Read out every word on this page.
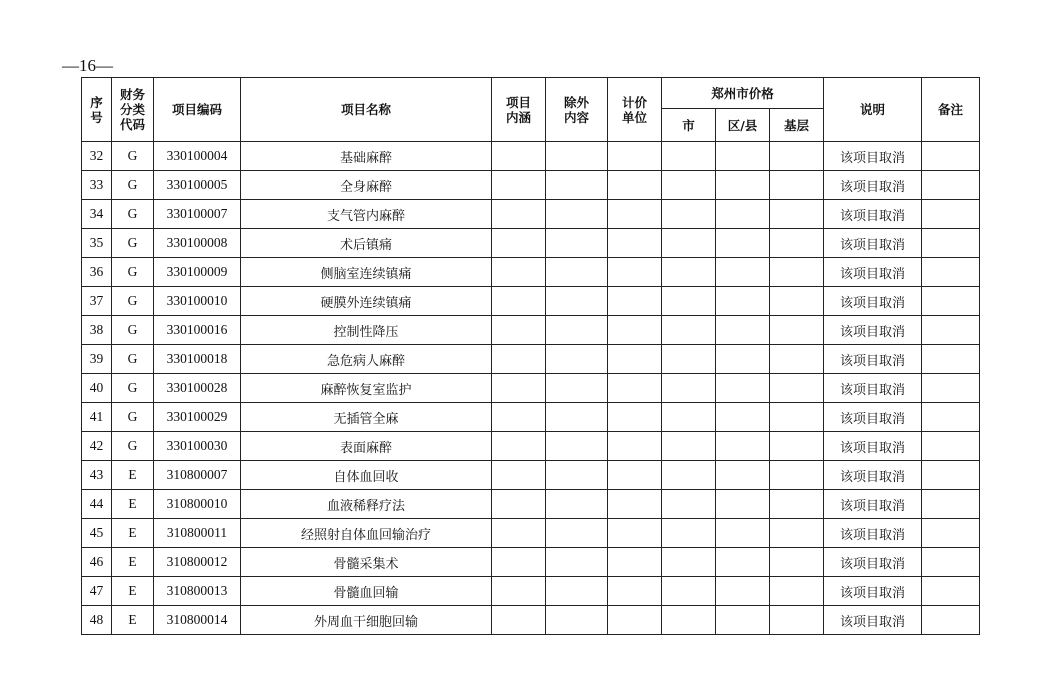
—16—
序号	财务分类代码	项目编码	项目名称	项目内涵	除外内容	计价单位	郑州市价格			说明	备注
							市	区/县	基层		
32	G	330100004	基础麻醉							该项目取消	
33	G	330100005	全身麻醉							该项目取消	
34	G	330100007	支气管内麻醉							该项目取消	
35	G	330100008	术后镇痛							该项目取消	
36	G	330100009	侧脑室连续镇痛							该项目取消	
37	G	330100010	硬膜外连续镇痛							该项目取消	
38	G	330100016	控制性降压							该项目取消	
39	G	330100018	急危病人麻醉							该项目取消	
40	G	330100028	麻醉恢复室监护							该项目取消	
41	G	330100029	无插管全麻							该项目取消	
42	G	330100030	表面麻醉							该项目取消	
43	E	310800007	自体血回收							该项目取消	
44	E	310800010	血液稀释疗法							该项目取消	
45	E	310800011	经照射自体血回输治疗							该项目取消	
46	E	310800012	骨髓采集术							该项目取消	
47	E	310800013	骨髓血回输							该项目取消	
48	E	310800014	外周血干细胞回输							该项目取消	
